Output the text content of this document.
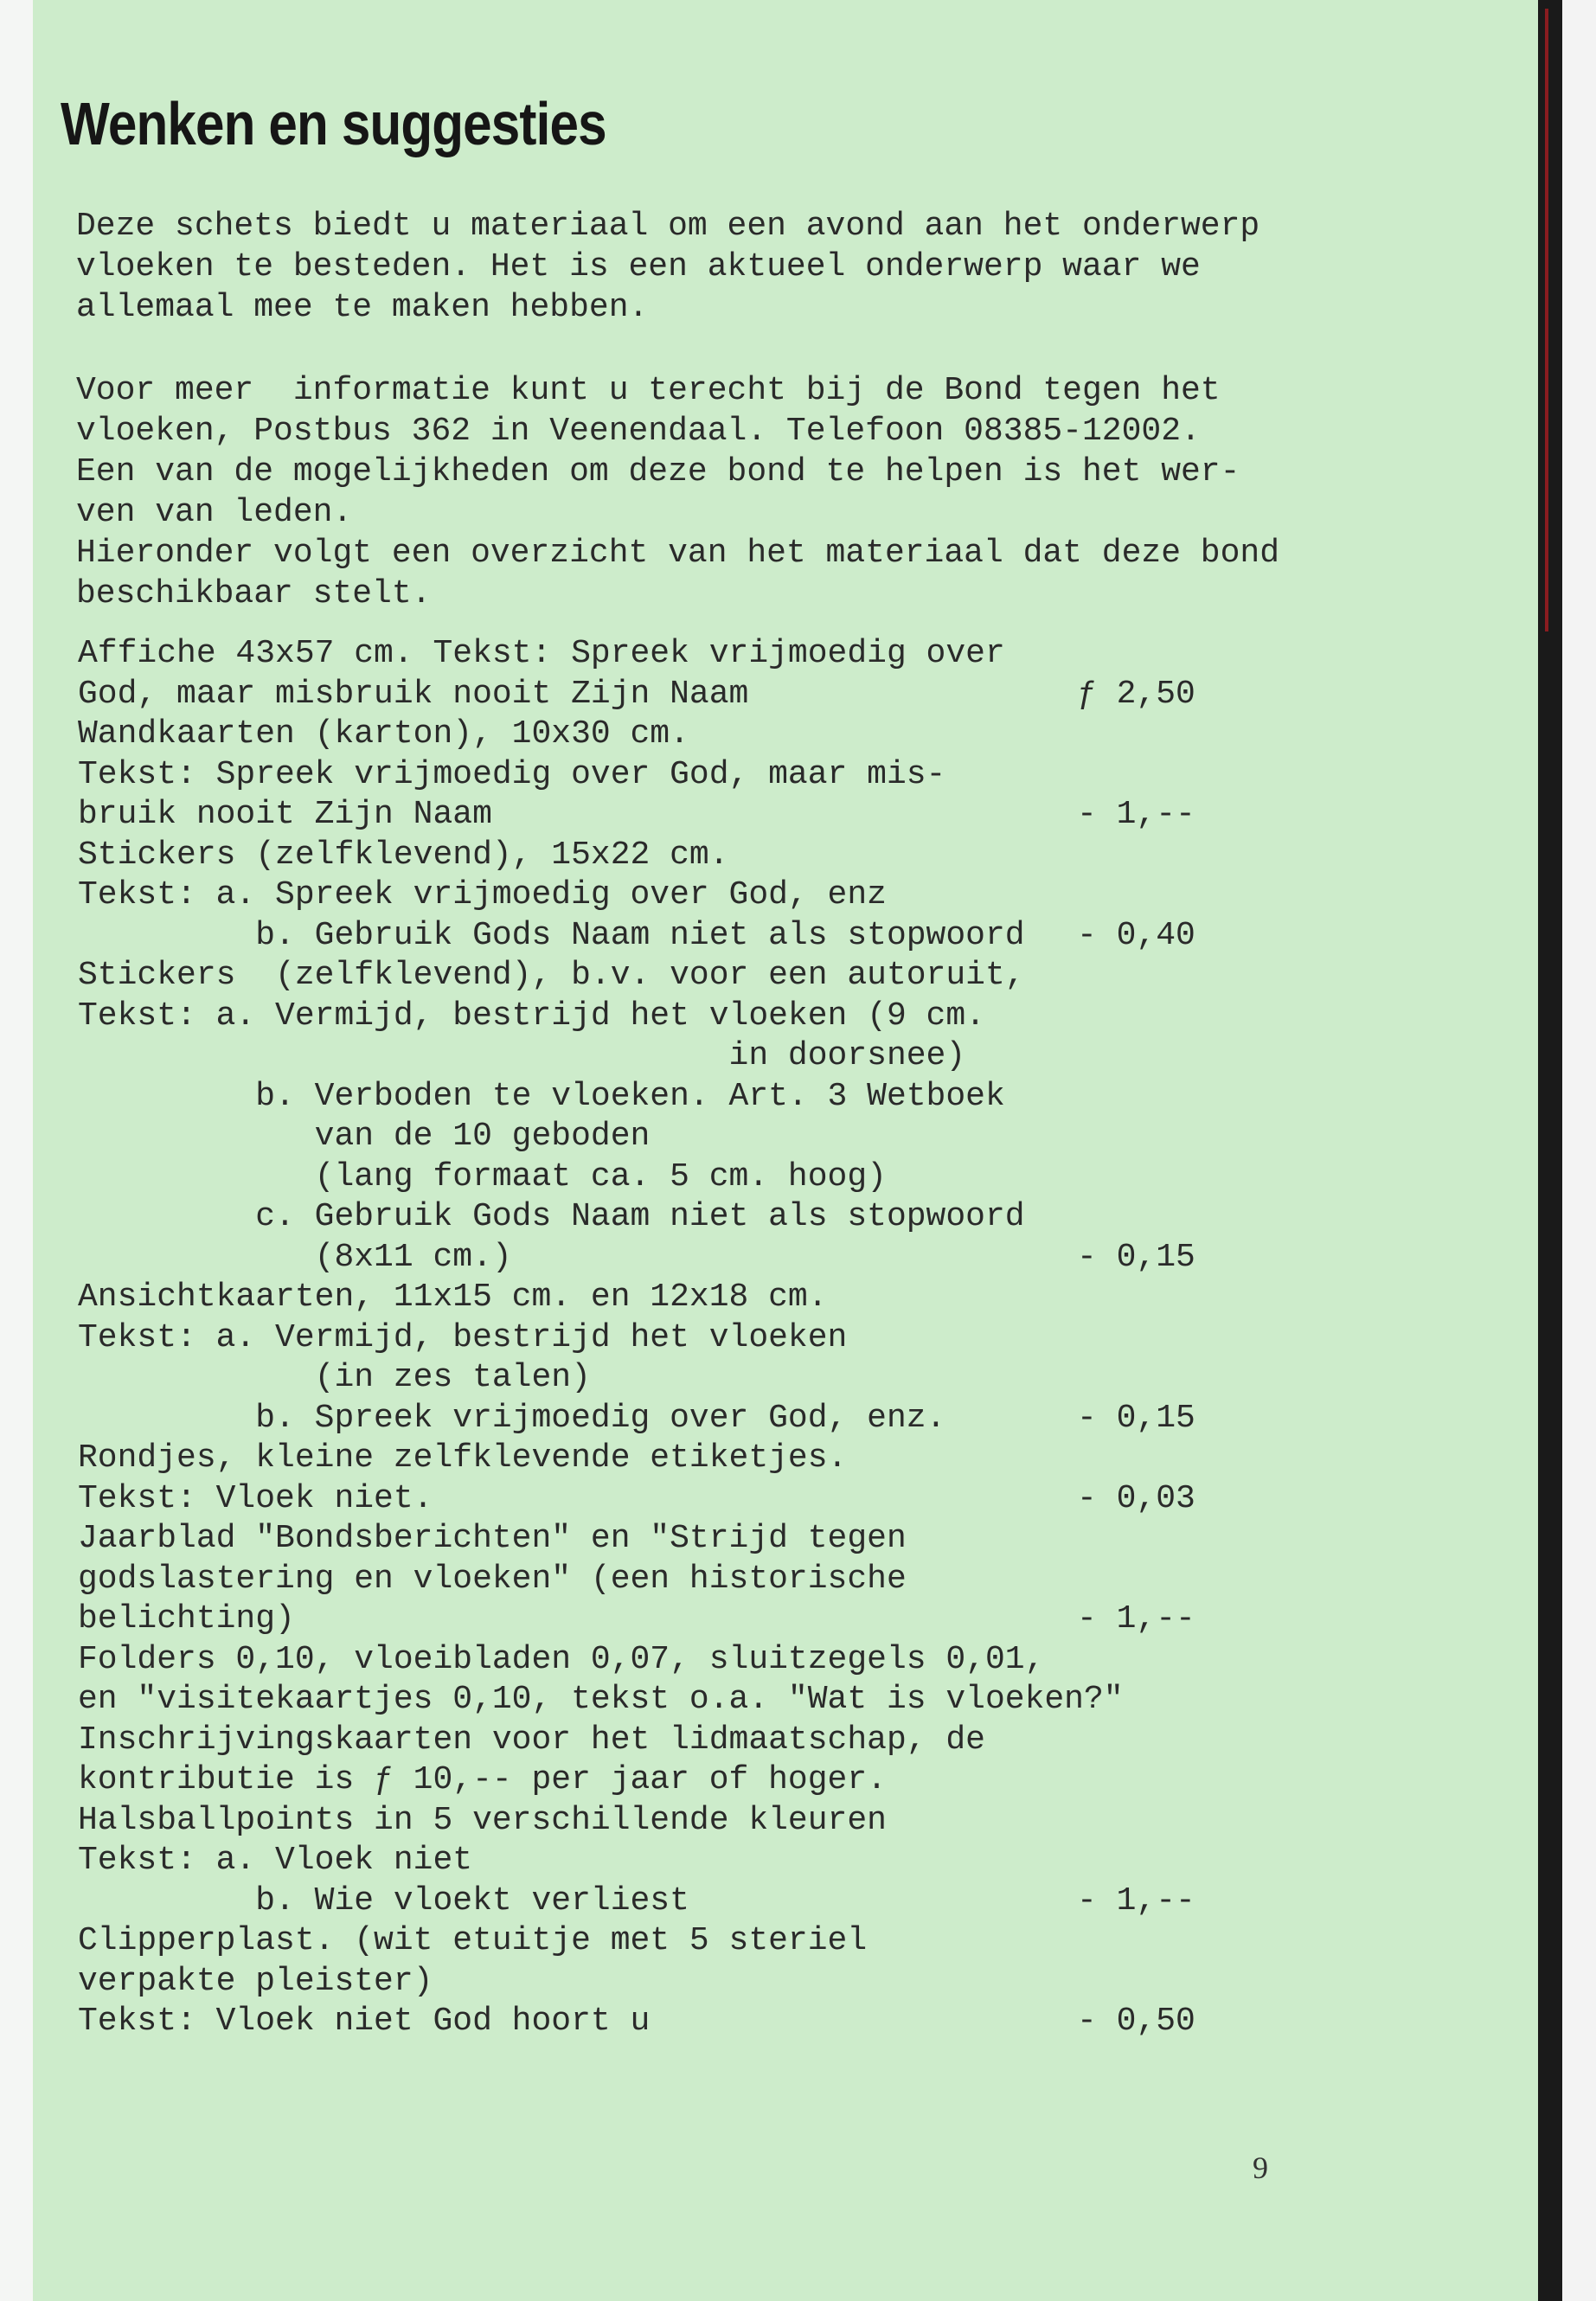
Wenken en suggesties
Deze schets biedt u materiaal om een avond aan het onderwerp
vloeken te besteden. Het is een aktueel onderwerp waar we
allemaal mee te maken hebben.
Voor meer  informatie kunt u terecht bij de Bond tegen het
vloeken, Postbus 362 in Veenendaal. Telefoon 08385-12002.
Een van de mogelijkheden om deze bond te helpen is het wer-
ven van leden.
Hieronder volgt een overzicht van het materiaal dat deze bond
beschikbaar stelt.
Affiche 43x57 cm. Tekst: Spreek vrijmoedig over
God, maar misbruik nooit Zijn Naam	ƒ 2,50
Wandkaarten (karton), 10x30 cm.
Tekst: Spreek vrijmoedig over God, maar mis-
bruik nooit Zijn Naam	- 1,--
Stickers (zelfklevend), 15x22 cm.
Tekst: a. Spreek vrijmoedig over God, enz
b. Gebruik Gods Naam niet als stopwoord	- 0,40
Stickers  (zelfklevend), b.v. voor een autoruit,
Tekst: a. Vermijd, bestrijd het vloeken (9 cm.
in doorsnee)
b. Verboden te vloeken. Art. 3 Wetboek
van de 10 geboden
(lang formaat ca. 5 cm. hoog)
c. Gebruik Gods Naam niet als stopwoord
(8x11 cm.)	- 0,15
Ansichtkaarten, 11x15 cm. en 12x18 cm.
Tekst: a. Vermijd, bestrijd het vloeken
(in zes talen)
b. Spreek vrijmoedig over God, enz.	- 0,15
Rondjes, kleine zelfklevende etiketjes.
Tekst: Vloek niet.	- 0,03
Jaarblad "Bondsberichten" en "Strijd tegen
godslastering en vloeken" (een historische
belichting)	- 1,--
Folders 0,10, vloeibladen 0,07, sluitzegels 0,01,
en "visitekaartjes 0,10, tekst o.a. "Wat is vloeken?"
Inschrijvingskaarten voor het lidmaatschap, de
kontributie is ƒ 10,-- per jaar of hoger.
Halsballpoints in 5 verschillende kleuren
Tekst: a. Vloek niet
b. Wie vloekt verliest	- 1,--
Clipperplast. (wit etuitje met 5 steriel
verpakte pleister)
Tekst: Vloek niet God hoort u	- 0,50
9
